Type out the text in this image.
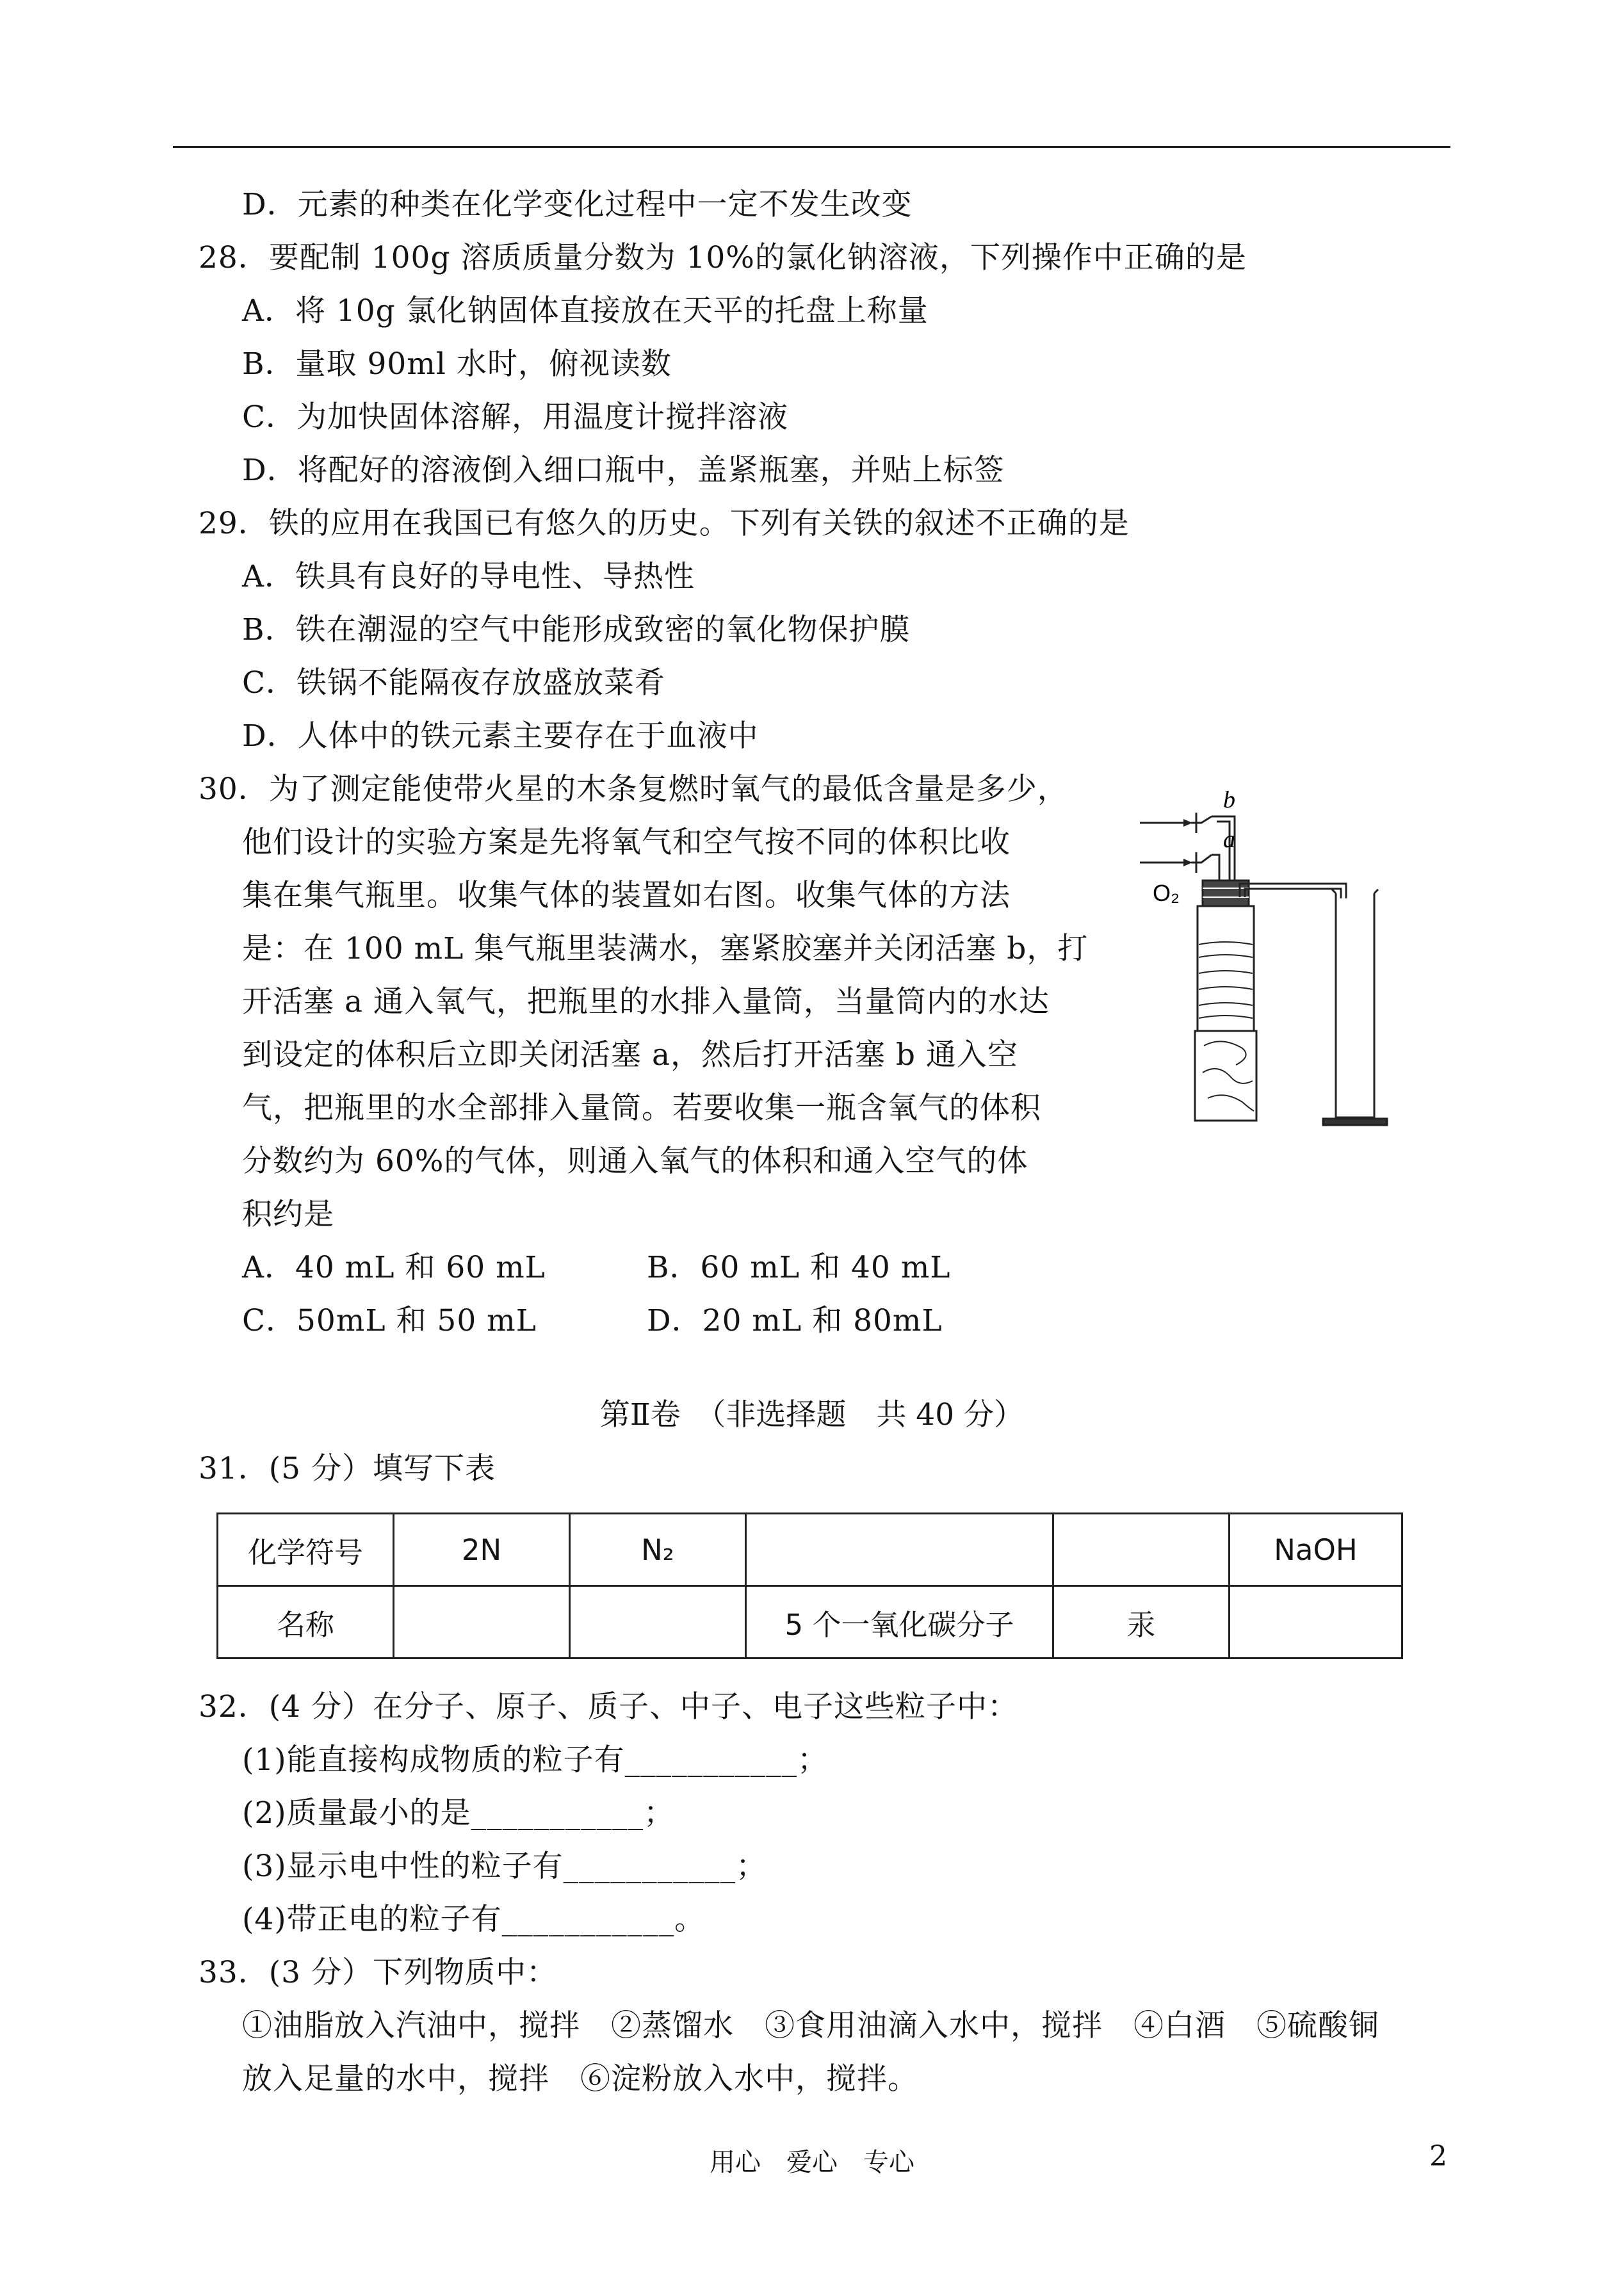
D．元素的种类在化学变化过程中一定不发生改变
28．要配制 100g 溶质质量分数为 10%的氯化钠溶液，下列操作中正确的是
A．将 10g 氯化钠固体直接放在天平的托盘上称量
B．量取 90ml 水时，俯视读数
C．为加快固体溶解，用温度计搅拌溶液
D．将配好的溶液倒入细口瓶中，盖紧瓶塞，并贴上标签
29．铁的应用在我国已有悠久的历史。下列有关铁的叙述不正确的是
A．铁具有良好的导电性、导热性
B．铁在潮湿的空气中能形成致密的氧化物保护膜
C．铁锅不能隔夜存放盛放菜肴
D．人体中的铁元素主要存在于血液中
30．为了测定能使带火星的木条复燃时氧气的最低含量是多少，
他们设计的实验方案是先将氧气和空气按不同的体积比收
集在集气瓶里。收集气体的装置如右图。收集气体的方法
是：在 100 mL 集气瓶里装满水，塞紧胶塞并关闭活塞 b，打
开活塞 a 通入氧气，把瓶里的水排入量筒，当量筒内的水达
到设定的体积后立即关闭活塞 a，然后打开活塞 b 通入空
气，把瓶里的水全部排入量筒。若要收集一瓶含氧气的体积
分数约为 60%的气体，则通入氧气的体积和通入空气的体
积约是
A．40 mL 和 60 mL	B．60 mL 和 40 mL
C．50mL 和 50 mL	D．20 mL 和 80mL
b
a
O₂
第Ⅱ卷　（非选择题　共 40 分）
31．(5 分）填写下表
化学符号	2N	N₂			NaOH
名称			5 个一氧化碳分子	汞	
32．(4 分）在分子、原子、质子、中子、电子这些粒子中：
(1)能直接构成物质的粒子有___________；
(2)质量最小的是___________；
(3)显示电中性的粒子有___________；
(4)带正电的粒子有___________。
33．(3 分）下列物质中：
①油脂放入汽油中，搅拌　②蒸馏水　③食用油滴入水中，搅拌　④白酒　⑤硫酸铜
放入足量的水中，搅拌　⑥淀粉放入水中，搅拌。
用心　爱心　专心	2
